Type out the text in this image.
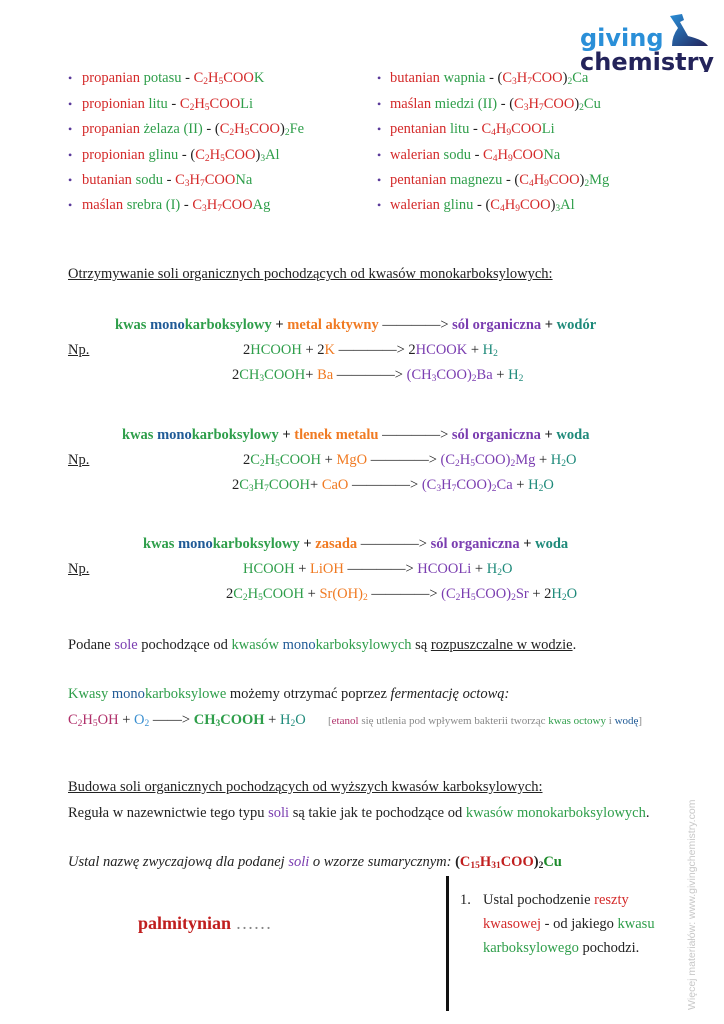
giving
chemistry
• propanian potasu - $C_2H_5COOK$
• propionian litu - $C_2H_5COOLi$
• propanian żelaza $(II) - (C_2H_5COO)_2Fe$
• propionian glinu - $(C_2H_5COO)_3Al$
• butanian sodu - $C_3H_7COONa$
• maślan srebra $(I) - C_3H_7COOAg$
• butanian wapnia - $(C_3H_7COO)_2Ca$
• maślan miedzi $(II) - (C_3H_7COO)_2Cu$
• pentanian litu - $C_4H_9COOLi$
• walerian sodu - $C_4H_9COONa$
• pentanian magnezu - $(C_4H_9COO)_2Mg$
• walerian glinu - $(C_4H_9COO)_3Al$
Otrzymywanie soli organicznych pochodzących od kwasów monokarboksylowych:
kwas monokarboksylowy + metal aktywny ————> sól organiczna + wodór
Np.	2HCOOH + 2K ————> 2HCOOK + $H_2$
$2CH_3COOH+ Ba$ ————> $(CH_3COO)_2Ba + H_2$
kwas monokarboksylowy + tlenek metalu ————> sól organiczna + woda
Np.	$2C_2H_5COOH$ + MgO ————> $(C_2H_5COO)_2Mg + H_2O$
$2C_3H_7COOH+$ CaO ————> $(C_3H_7COO)_2Ca + H_2O$
kwas monokarboksylowy + zasada ————> sól organiczna + woda
Np.	HCOOH + LiOH ————> HCOOLi + $H_2O$
$2C_2H_5COOH + Sr(OH)_2$ ————> $(C_2H_5COO)_2Sr + 2H_2O$
Podane sole pochodzące od kwasów monokarboksylowych są rozpuszczalne w wodzie.
Kwasy monokarboksylowe możemy otrzymać poprzez fermentację octową:
$C_2H_5OH + O_2$ ——> $CH_3COOH + H_2O$ [etanol się utlenia pod wpływem bakterii tworząc kwas octowy i wodę]
Budowa soli organicznych pochodzących od wyższych kwasów karboksylowych:
Reguła w nazewnictwie tego typu soli są takie jak te pochodzące od kwasów monokarboksylowych.
Ustal nazwę zwyczajową dla podanej soli o wzorze sumarycznym: $(C_{15}H_{31}COO)_2Cu$
palmitynian ……
1. Ustal pochodzenie reszty
kwasowej - od jakiego kwasu
karboksylowego pochodzi.	Więcej materiałów: www.givingchemistry.com
